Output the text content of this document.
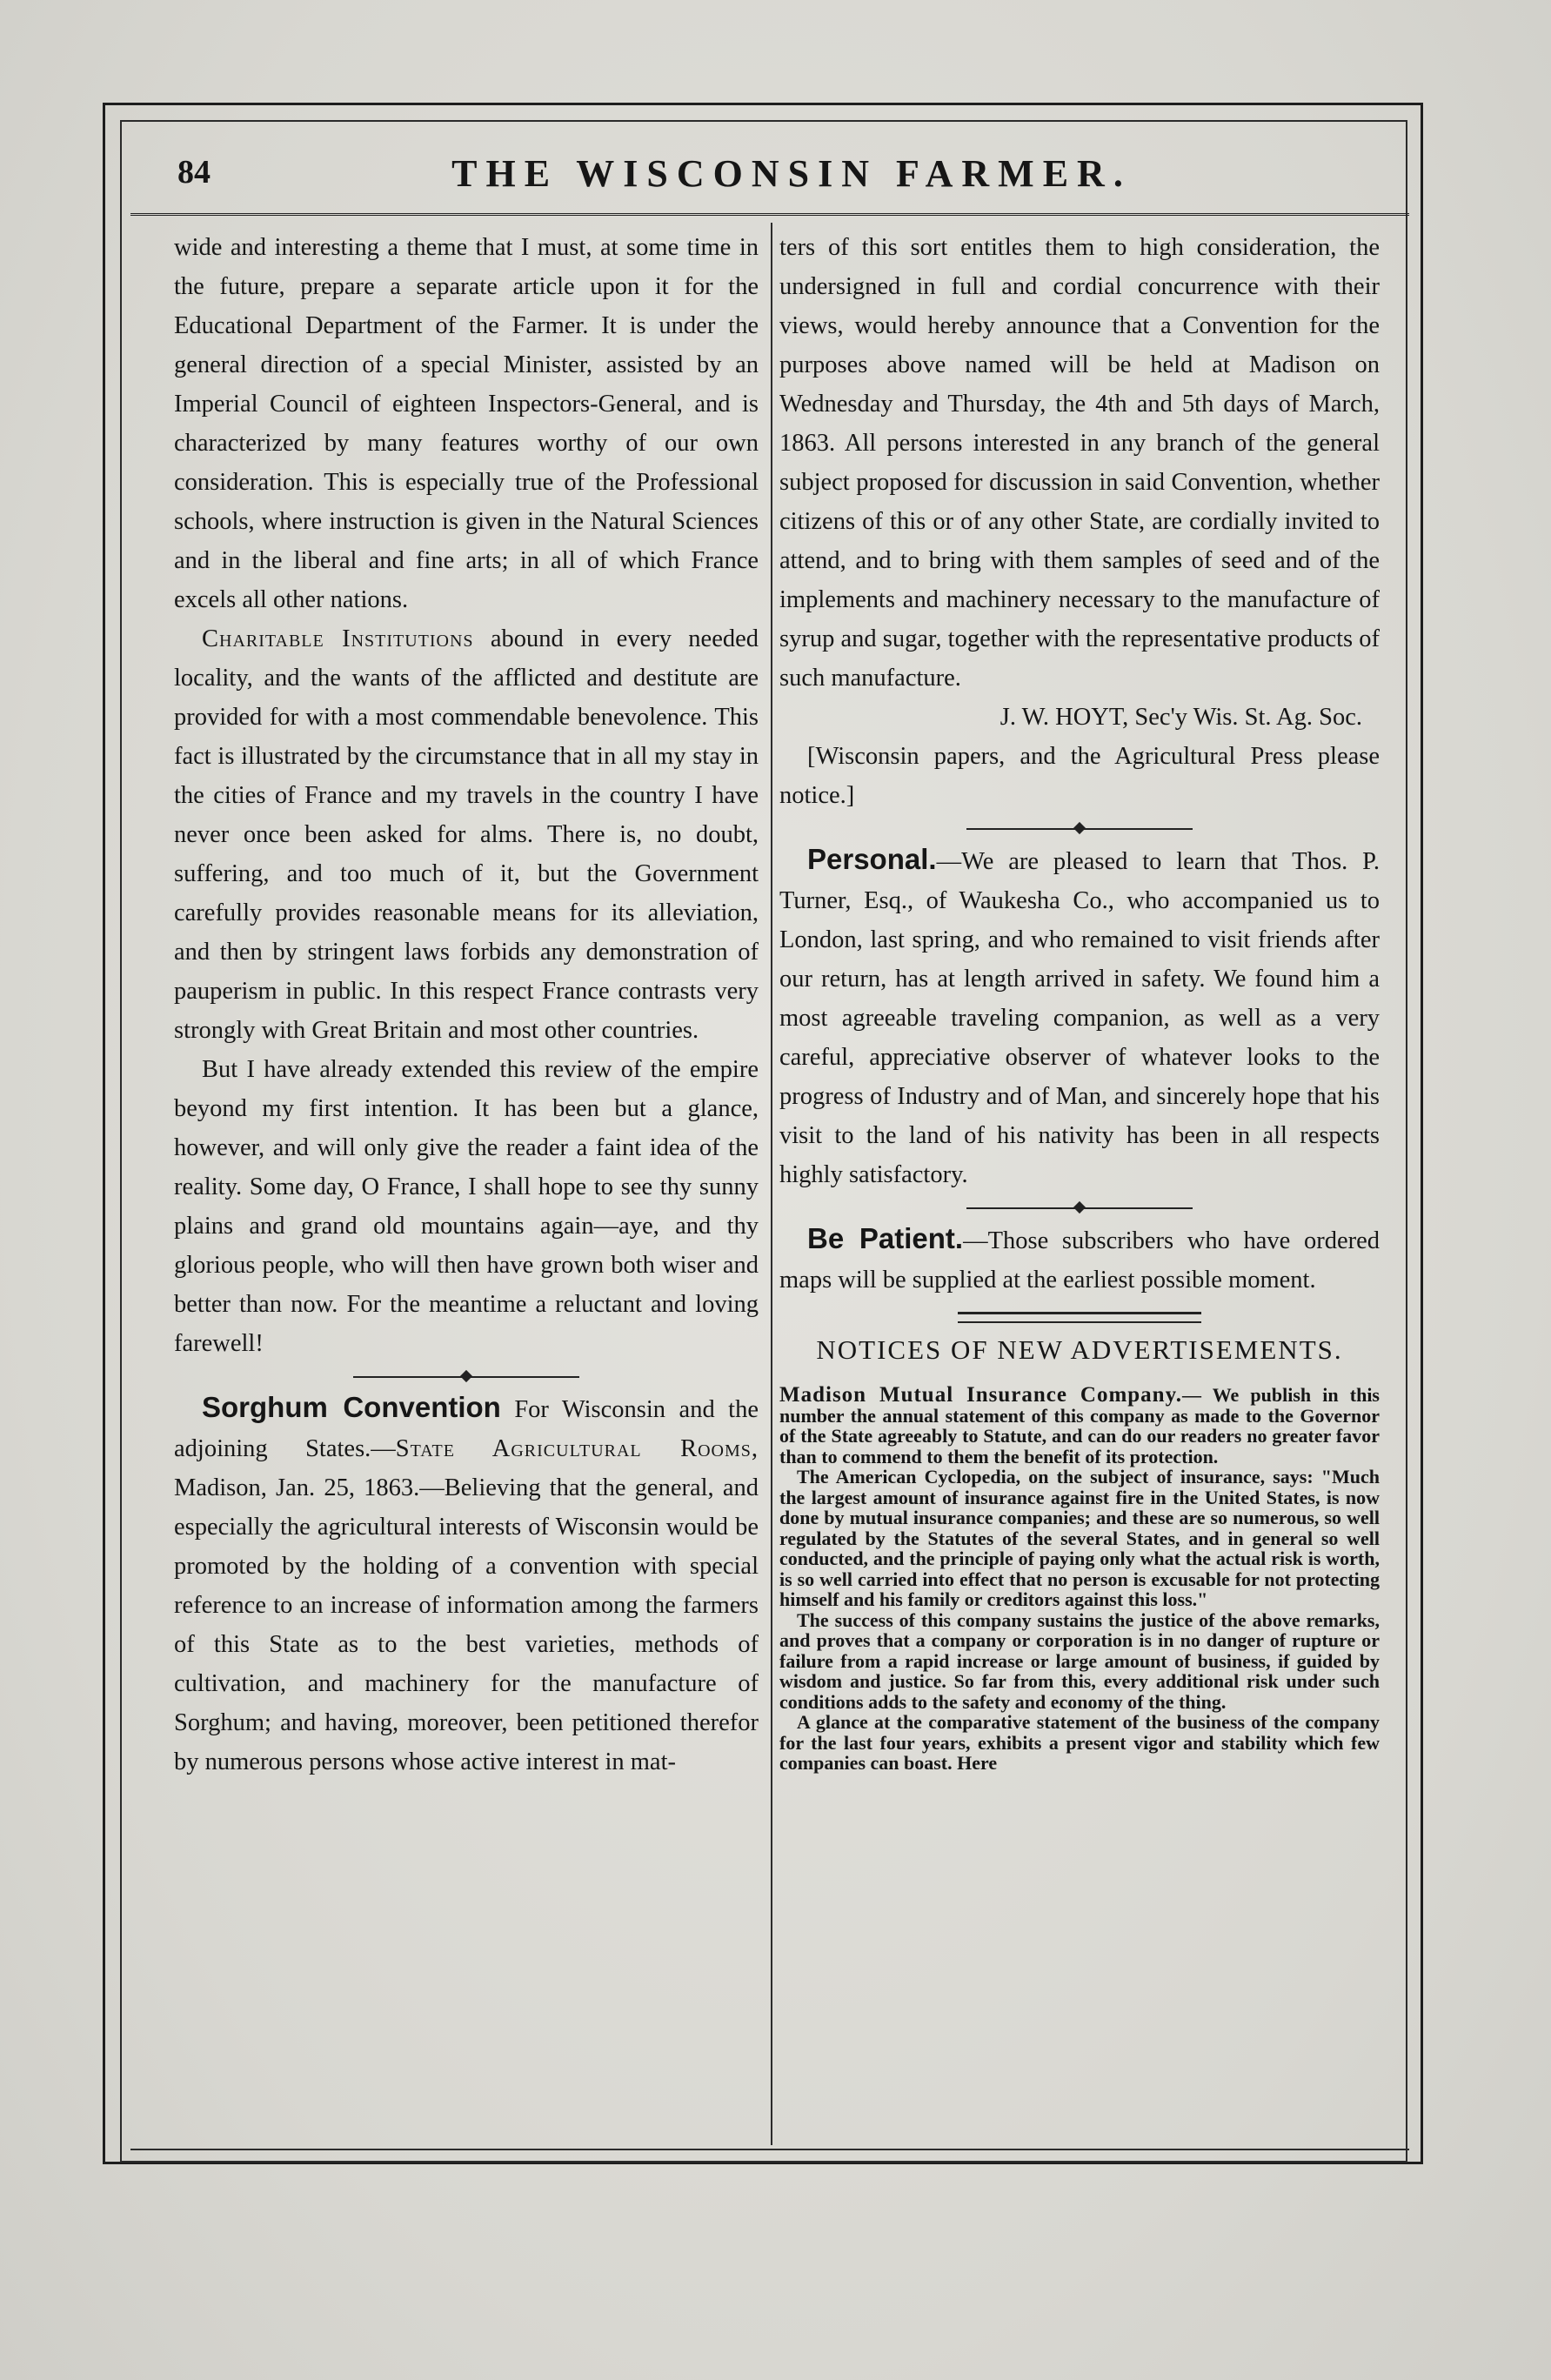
84	THE WISCONSIN FARMER.

wide and interesting a theme that I must, at some time in the future, prepare a separate article upon it for the Educational Department of the Farmer. It is under the general direction of a special Minister, assisted by an Imperial Council of eighteen Inspectors-General, and is characterized by many features worthy of our own consideration. This is especially true of the Professional schools, where instruction is given in the Natural Sciences and in the liberal and fine arts; in all of which France excels all other nations.

Charitable Institutions abound in every needed locality, and the wants of the afflicted and destitute are provided for with a most commendable benevolence. This fact is illustrated by the circumstance that in all my stay in the cities of France and my travels in the country I have never once been asked for alms. There is, no doubt, suffering, and too much of it, but the Government carefully provides reasonable means for its alleviation, and then by stringent laws forbids any demonstration of pauperism in public. In this respect France contrasts very strongly with Great Britain and most other countries.

But I have already extended this review of the empire beyond my first intention. It has been but a glance, however, and will only give the reader a faint idea of the reality. Some day, O France, I shall hope to see thy sunny plains and grand old mountains again—aye, and thy glorious people, who will then have grown both wiser and better than now. For the meantime a reluctant and loving farewell!

Sorghum Convention For Wisconsin and the adjoining States.—State Agricultural Rooms, Madison, Jan. 25, 1863.—Believing that the general, and especially the agricultural interests of Wisconsin would be promoted by the holding of a convention with special reference to an increase of information among the farmers of this State as to the best varieties, methods of cultivation, and machinery for the manufacture of Sorghum; and having, moreover, been petitioned therefor by numerous persons whose active interest in mat-

ters of this sort entitles them to high consideration, the undersigned in full and cordial concurrence with their views, would hereby announce that a Convention for the purposes above named will be held at Madison on Wednesday and Thursday, the 4th and 5th days of March, 1863. All persons interested in any branch of the general subject proposed for discussion in said Convention, whether citizens of this or of any other State, are cordially invited to attend, and to bring with them samples of seed and of the implements and machinery necessary to the manufacture of syrup and sugar, together with the representative products of such manufacture.

J. W. HOYT, Sec'y Wis. St. Ag. Soc.

[Wisconsin papers, and the Agricultural Press please notice.]

Personal.—We are pleased to learn that Thos. P. Turner, Esq., of Waukesha Co., who accompanied us to London, last spring, and who remained to visit friends after our return, has at length arrived in safety. We found him a most agreeable traveling companion, as well as a very careful, appreciative observer of whatever looks to the progress of Industry and of Man, and sincerely hope that his visit to the land of his nativity has been in all respects highly satisfactory.

Be Patient.—Those subscribers who have ordered maps will be supplied at the earliest possible moment.

NOTICES OF NEW ADVERTISEMENTS.

Madison Mutual Insurance Company.— We publish in this number the annual statement of this company as made to the Governor of the State agreeably to Statute, and can do our readers no greater favor than to commend to them the benefit of its protection.

The American Cyclopedia, on the subject of insurance, says: "Much the largest amount of insurance against fire in the United States, is now done by mutual insurance companies; and these are so numerous, so well regulated by the Statutes of the several States, and in general so well conducted, and the principle of paying only what the actual risk is worth, is so well carried into effect that no person is excusable for not protecting himself and his family or creditors against this loss."

The success of this company sustains the justice of the above remarks, and proves that a company or corporation is in no danger of rupture or failure from a rapid increase or large amount of business, if guided by wisdom and justice. So far from this, every additional risk under such conditions adds to the safety and economy of the thing.

A glance at the comparative statement of the business of the company for the last four years, exhibits a present vigor and stability which few companies can boast. Here
